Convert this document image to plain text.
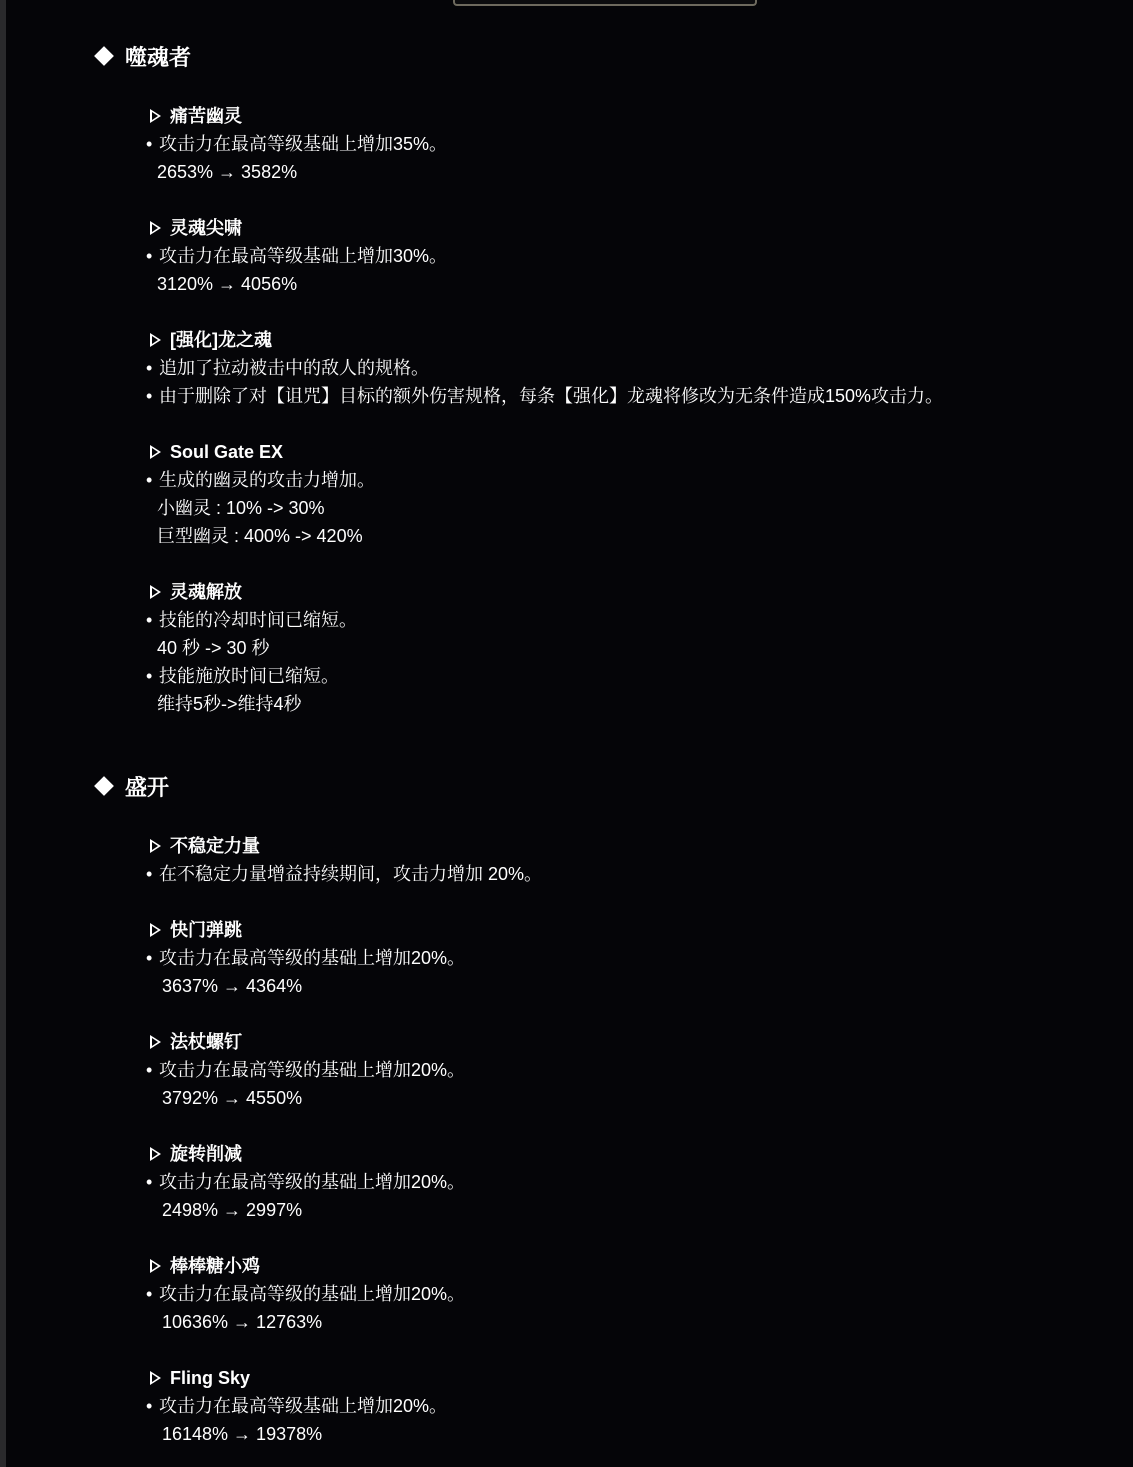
噬魂者
痛苦幽灵
• 攻击力在最高等级基础上增加35%。
2653% → 3582%
灵魂尖啸
• 攻击力在最高等级基础上增加30%。
3120% → 4056%
[强化]龙之魂
• 追加了拉动被击中的敌人的规格。
• 由于删除了对【诅咒】目标的额外伤害规格，每条【强化】龙魂将修改为无条件造成150%攻击力。
Soul Gate EX
• 生成的幽灵的攻击力增加。
小幽灵 : 10% -> 30%
巨型幽灵 : 400% -> 420%
灵魂解放
• 技能的冷却时间已缩短。
40 秒 -> 30 秒
• 技能施放时间已缩短。
维持5秒->维持4秒
盛开
不稳定力量
• 在不稳定力量增益持续期间，攻击力增加 20%。
快门弹跳
• 攻击力在最高等级的基础上增加20%。
3637% → 4364%
法杖螺钉
• 攻击力在最高等级的基础上增加20%。
3792% → 4550%
旋转削减
• 攻击力在最高等级的基础上增加20%。
2498% → 2997%
棒棒糖小鸡
• 攻击力在最高等级的基础上增加20%。
10636% → 12763%
Fling Sky
• 攻击力在最高等级基础上增加20%。
16148% → 19378%
